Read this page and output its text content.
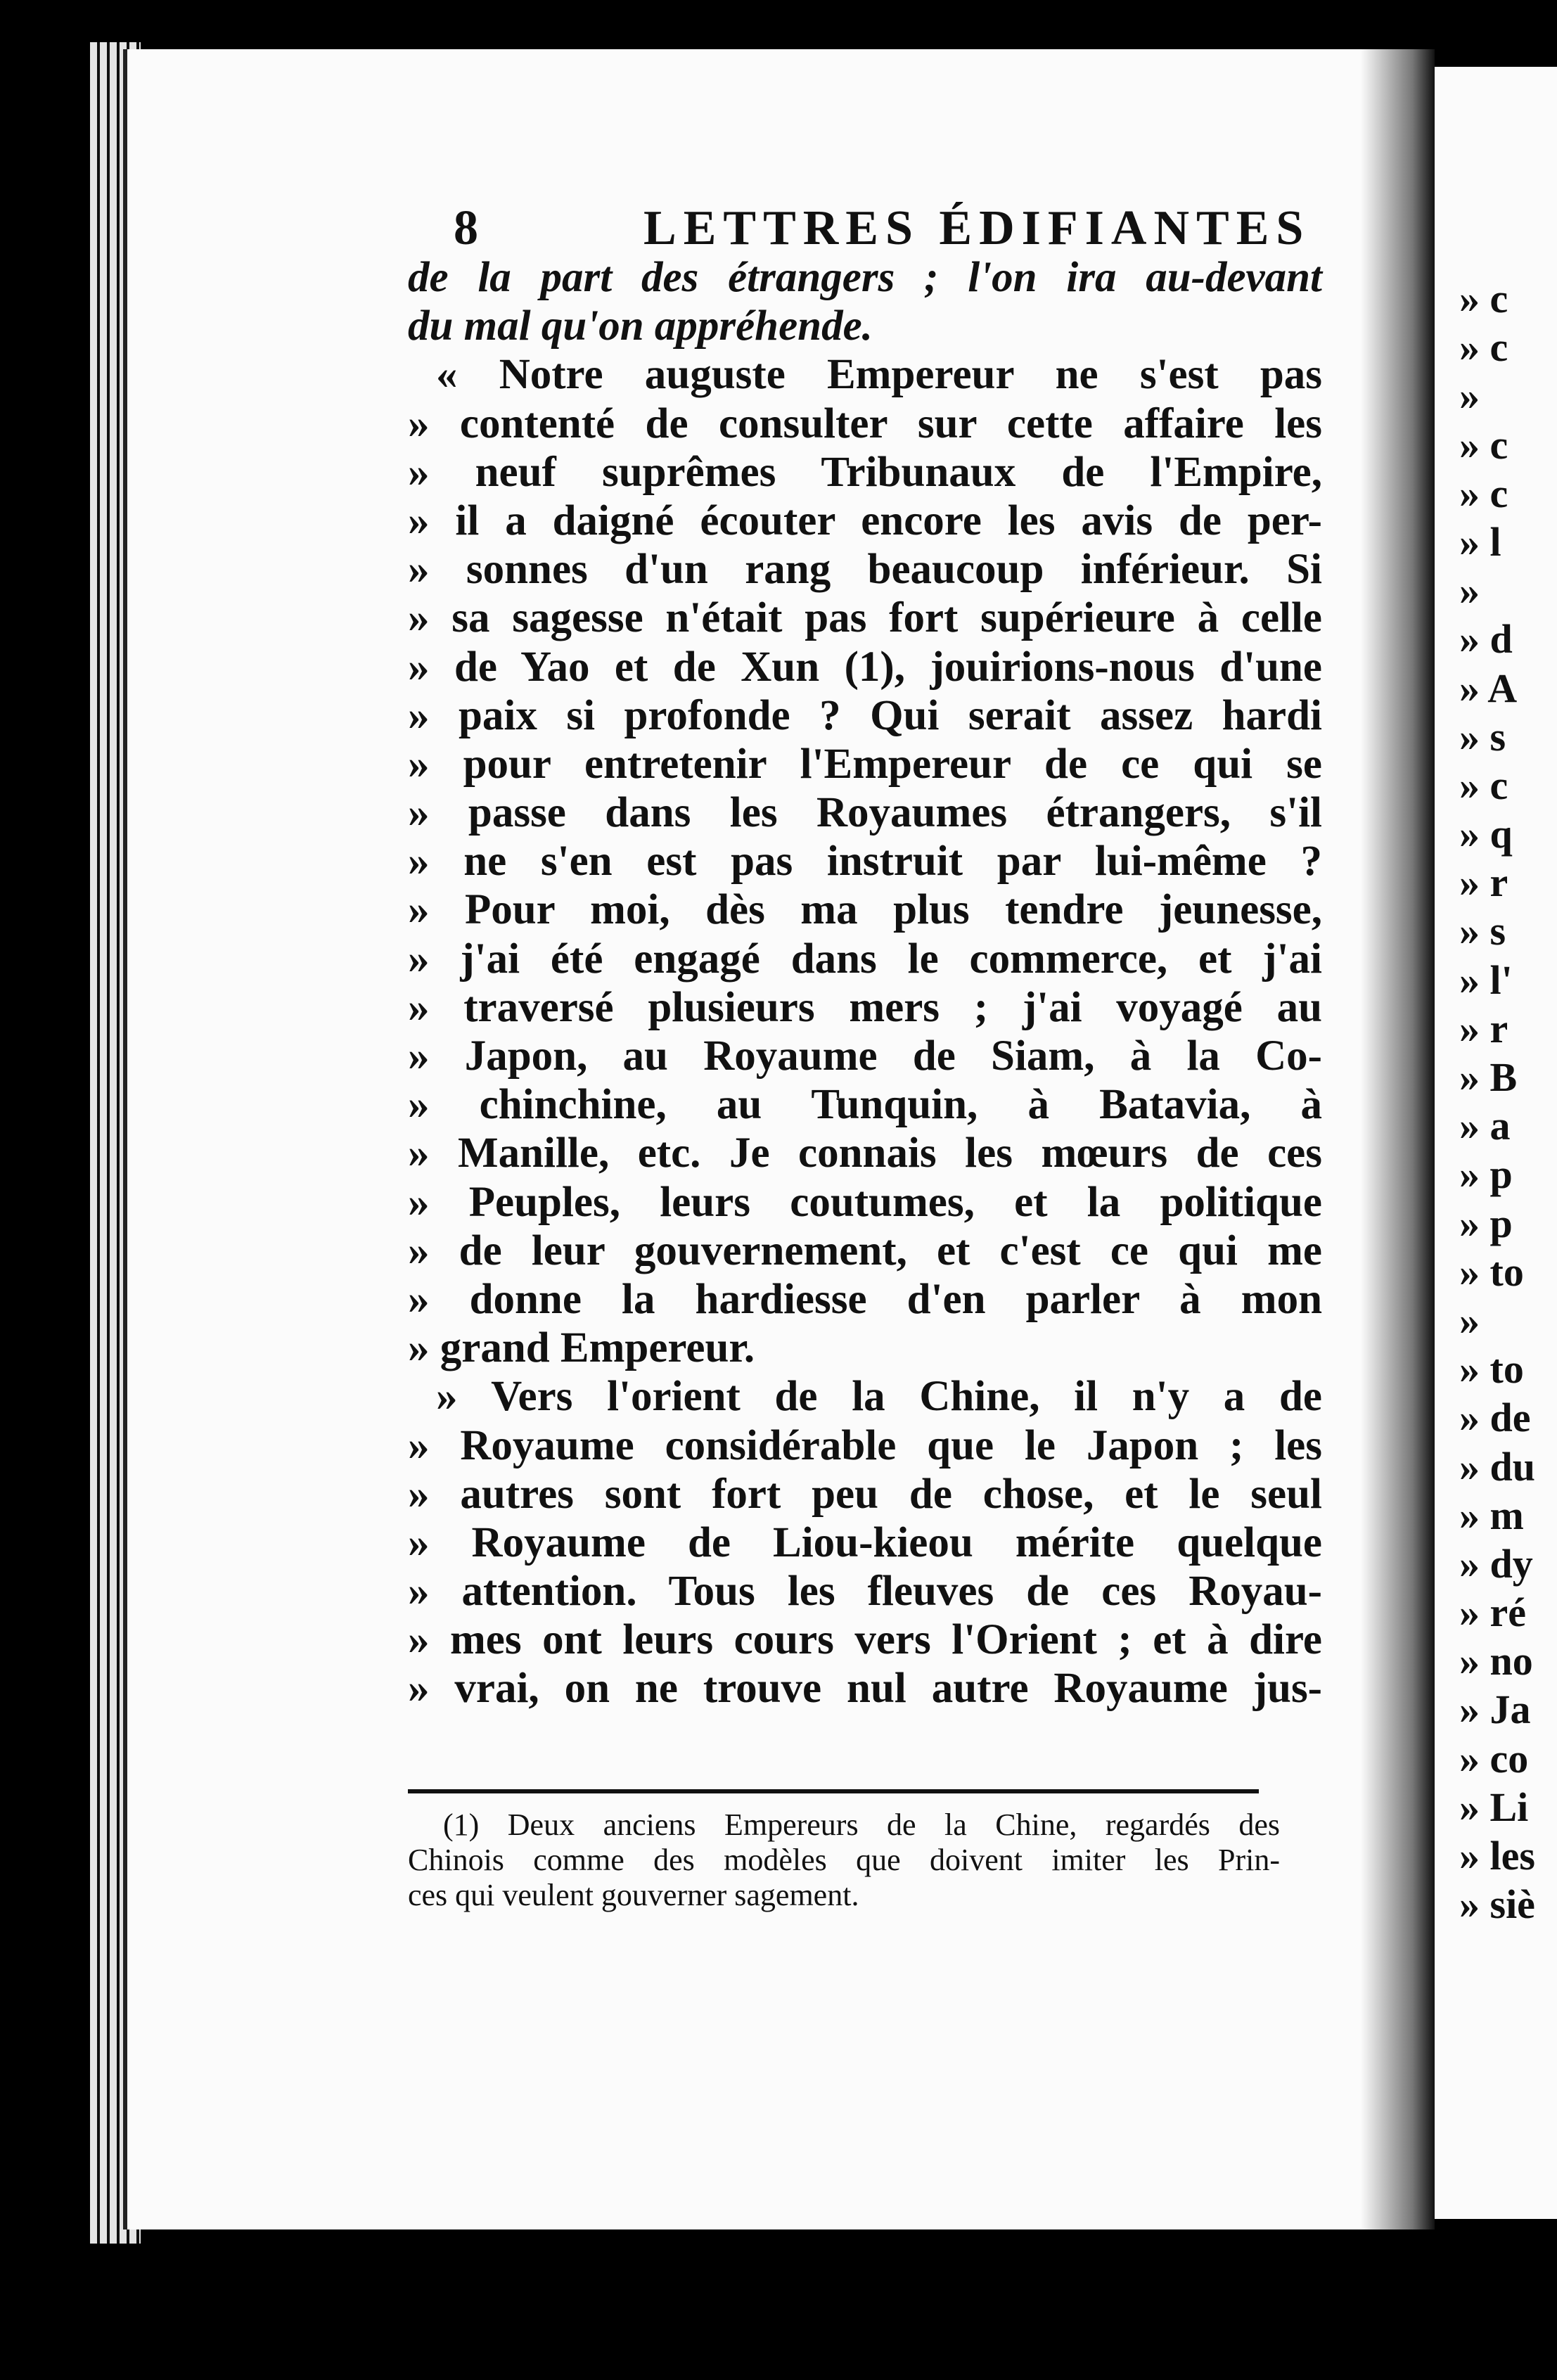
8	LETTRES ÉDIFIANTES
de la part des étrangers ; l'on ira au-devant
du mal qu'on appréhende.
« Notre auguste Empereur ne s'est pas
» contenté de consulter sur cette affaire les
» neuf suprêmes Tribunaux de l'Empire,
» il a daigné écouter encore les avis de per-
» sonnes d'un rang beaucoup inférieur. Si
» sa sagesse n'était pas fort supérieure à celle
» de Yao et de Xun (1), jouirions-nous d'une
» paix si profonde ? Qui serait assez hardi
» pour entretenir l'Empereur de ce qui se
» passe dans les Royaumes étrangers, s'il
» ne s'en est pas instruit par lui-même ?
» Pour moi, dès ma plus tendre jeunesse,
» j'ai été engagé dans le commerce, et j'ai
» traversé plusieurs mers ; j'ai voyagé au
» Japon, au Royaume de Siam, à la Co-
» chinchine, au Tunquin, à Batavia, à
» Manille, etc. Je connais les mœurs de ces
» Peuples, leurs coutumes, et la politique
» de leur gouvernement, et c'est ce qui me
» donne la hardiesse d'en parler à mon
» grand Empereur.
» Vers l'orient de la Chine, il n'y a de
» Royaume considérable que le Japon ; les
» autres sont fort peu de chose, et le seul
» Royaume de Liou-kieou mérite quelque
» attention. Tous les fleuves de ces Royau-
» mes ont leurs cours vers l'Orient ; et à dire
» vrai, on ne trouve nul autre Royaume jus-
(1) Deux anciens Empereurs de la Chine, regardés des
Chinois comme des modèles que doivent imiter les Prin-
ces qui veulent gouverner sagement.
» c
» c
»
» c
» c
» l
»
» d
» A
» s
» c
» q
» r
» s
» l'
» r
» B
» a
» p
» p
» to
»
» to
» de
» du
» m
» dy
» ré
» no
» Ja
» co
» Li
» les
» siè
